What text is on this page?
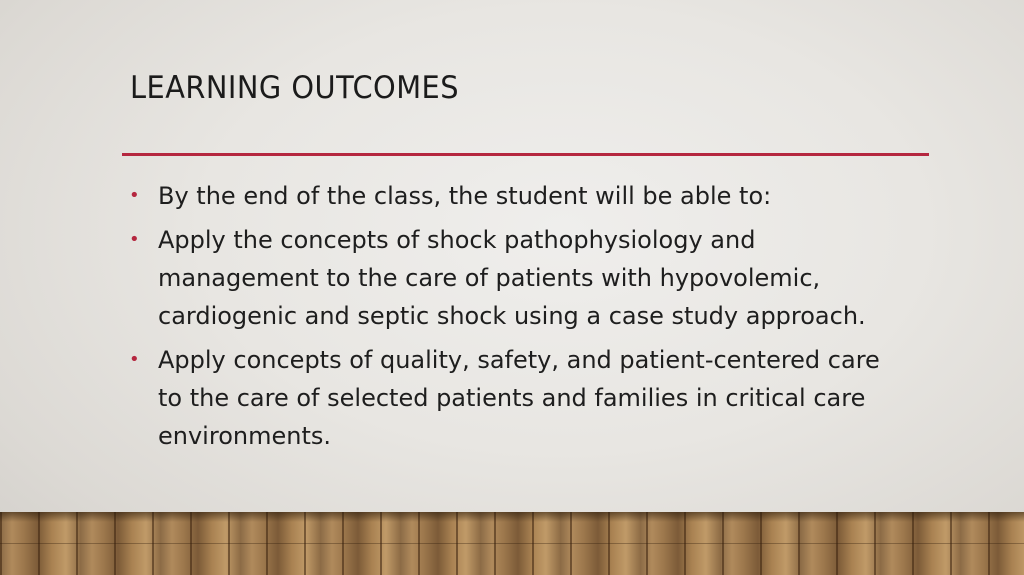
LEARNING OUTCOMES
• By the end of the class, the student will be able to:
• Apply the concepts of shock pathophysiology and
management to the care of patients with hypovolemic,
cardiogenic and septic shock using a case study approach.
• Apply concepts of quality, safety, and patient-centered care
to the care of selected patients and families in critical care
environments.
